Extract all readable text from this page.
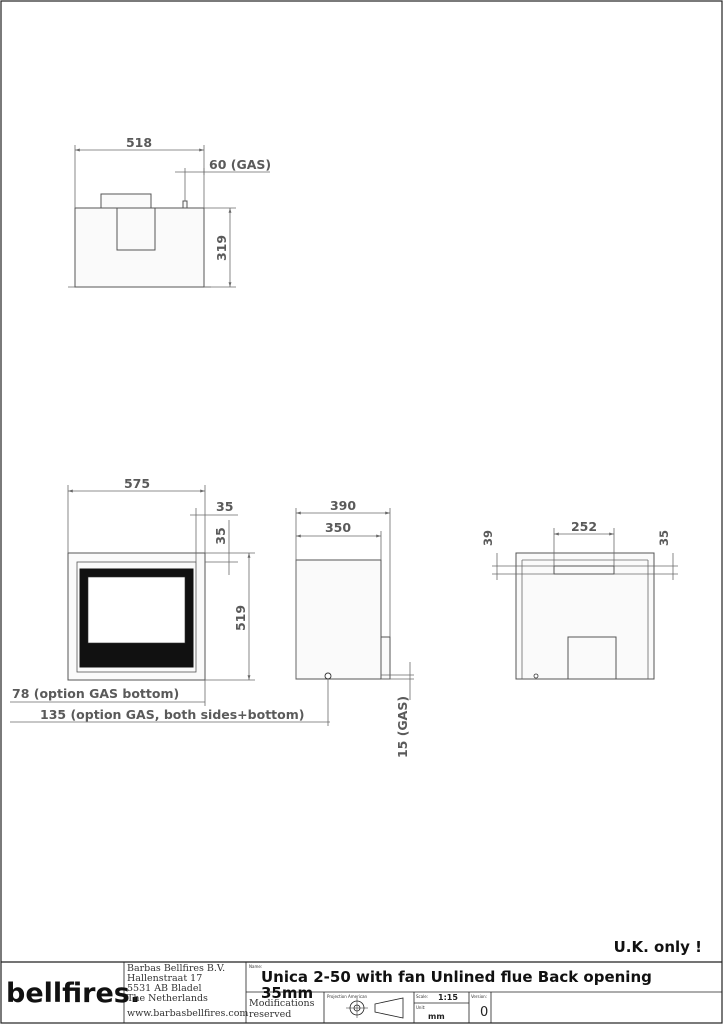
518
60 (GAS)
319
575
35
35
519
78 (option GAS bottom)
135 (option GAS, both sides+bottom)
390
350
15 (GAS)
252
39	35
U.K. only !
bellfires.
Barbas Bellfires B.V.
Hallenstraat 17
5531 AB Bladel
The Netherlands
www.barbasbellfires.com
Name:
Unica 2-50 with fan Unlined flue Back opening 35mm
Modifications
reserved
Projection American	Scale: 1:15
Unit:
mm
Version:
0
